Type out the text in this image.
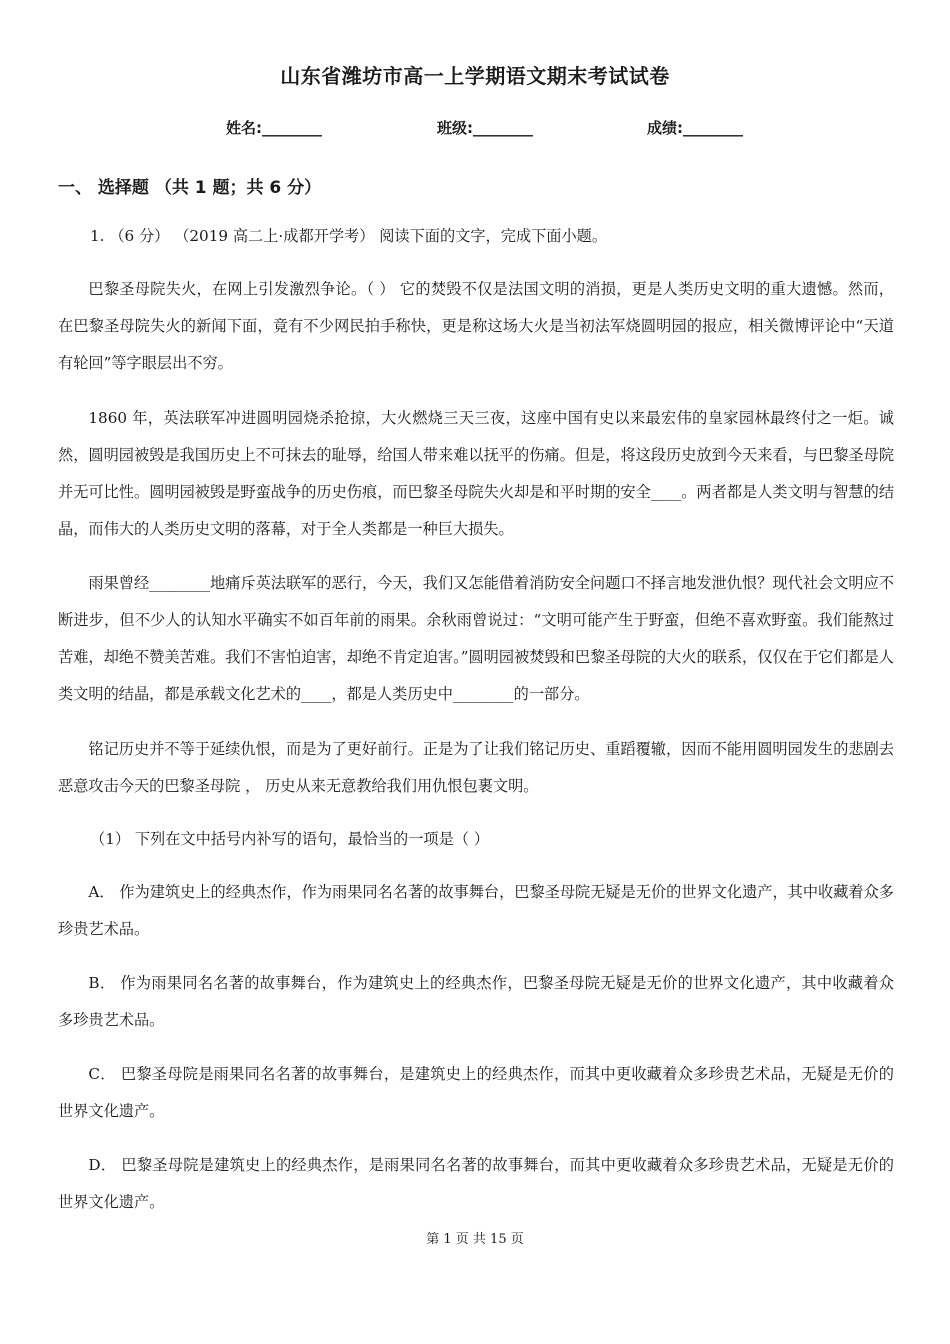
山东省潍坊市高一上学期语文期末考试试卷
姓名:________	班级:________	成绩:________
一、 选择题 （共 1 题；共 6 分）
1. （6 分） （2019 高二上·成都开学考） 阅读下面的文字，完成下面小题。

巴黎圣母院失火，在网上引发激烈争论。（ ） 它的焚毁不仅是法国文明的消损，更是人类历史文明的重大遗憾。然而，在巴黎圣母院失火的新闻下面，竟有不少网民拍手称快，更是称这场大火是当初法军烧圆明园的报应，相关微博评论中“天道有轮回”等字眼层出不穷。

1860 年，英法联军冲进圆明园烧杀抢掠，大火燃烧三天三夜，这座中国有史以来最宏伟的皇家园林最终付之一炬。诚然，圆明园被毁是我国历史上不可抹去的耻辱，给国人带来难以抚平的伤痛。但是，将这段历史放到今天来看，与巴黎圣母院并无可比性。圆明园被毁是野蛮战争的历史伤痕，而巴黎圣母院失火却是和平时期的安全____。两者都是人类文明与智慧的结晶，而伟大的人类历史文明的落幕，对于全人类都是一种巨大损失。

雨果曾经________地痛斥英法联军的恶行，今天，我们又怎能借着消防安全问题口不择言地发泄仇恨？现代社会文明应不断进步，但不少人的认知水平确实不如百年前的雨果。余秋雨曾说过：“文明可能产生于野蛮，但绝不喜欢野蛮。我们能熬过苦难，却绝不赞美苦难。我们不害怕迫害，却绝不肯定迫害。”圆明园被焚毁和巴黎圣母院的大火的联系，仅仅在于它们都是人类文明的结晶，都是承载文化艺术的____，都是人类历史中________的一部分。

铭记历史并不等于延续仇恨，而是为了更好前行。正是为了让我们铭记历史、重蹈覆辙，因而不能用圆明园发生的悲剧去恶意攻击今天的巴黎圣母院 ， 历史从来无意教给我们用仇恨包裹文明。

（1） 下列在文中括号内补写的语句，最恰当的一项是（ ）

A． 作为建筑史上的经典杰作，作为雨果同名名著的故事舞台，巴黎圣母院无疑是无价的世界文化遗产，其中收藏着众多珍贵艺术品。

B． 作为雨果同名名著的故事舞台，作为建筑史上的经典杰作，巴黎圣母院无疑是无价的世界文化遗产，其中收藏着众多珍贵艺术品。

C． 巴黎圣母院是雨果同名名著的故事舞台，是建筑史上的经典杰作，而其中更收藏着众多珍贵艺术品，无疑是无价的世界文化遗产。

D． 巴黎圣母院是建筑史上的经典杰作，是雨果同名名著的故事舞台，而其中更收藏着众多珍贵艺术品，无疑是无价的世界文化遗产。

第 1 页 共 15 页
